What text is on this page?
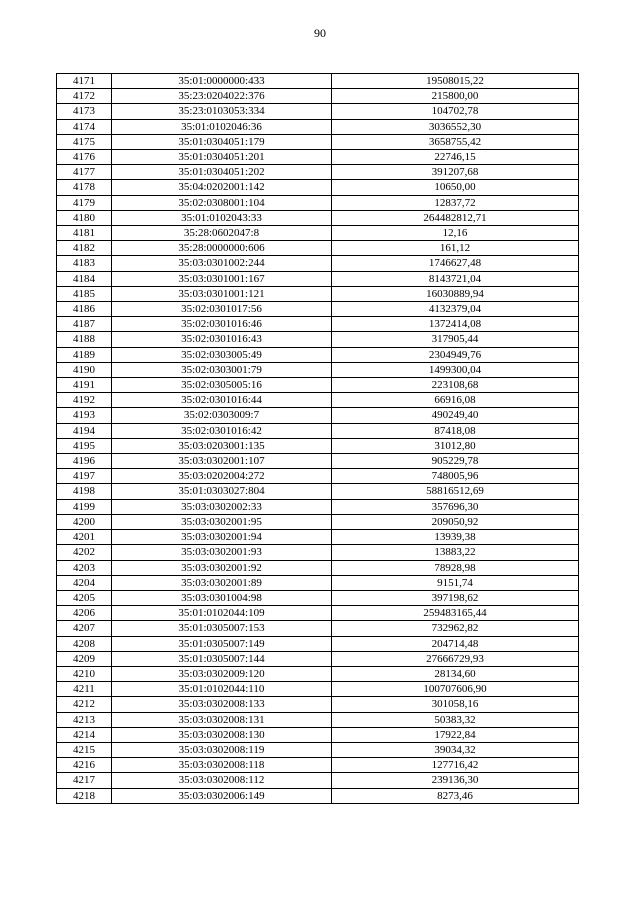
90
4171	35:01:0000000:433	19508015,22
4172	35:23:0204022:376	215800,00
4173	35:23:0103053:334	104702,78
4174	35:01:0102046:36	3036552,30
4175	35:01:0304051:179	3658755,42
4176	35:01:0304051:201	22746,15
4177	35:01:0304051:202	391207,68
4178	35:04:0202001:142	10650,00
4179	35:02:0308001:104	12837,72
4180	35:01:0102043:33	264482812,71
4181	35:28:0602047:8	12,16
4182	35:28:0000000:606	161,12
4183	35:03:0301002:244	1746627,48
4184	35:03:0301001:167	8143721,04
4185	35:03:0301001:121	16030889,94
4186	35:02:0301017:56	4132379,04
4187	35:02:0301016:46	1372414,08
4188	35:02:0301016:43	317905,44
4189	35:02:0303005:49	2304949,76
4190	35:02:0303001:79	1499300,04
4191	35:02:0305005:16	223108,68
4192	35:02:0301016:44	66916,08
4193	35:02:0303009:7	490249,40
4194	35:02:0301016:42	87418,08
4195	35:03:0203001:135	31012,80
4196	35:03:0302001:107	905229,78
4197	35:03:0202004:272	748005,96
4198	35:01:0303027:804	58816512,69
4199	35:03:0302002:33	357696,30
4200	35:03:0302001:95	209050,92
4201	35:03:0302001:94	13939,38
4202	35:03:0302001:93	13883,22
4203	35:03:0302001:92	78928,98
4204	35:03:0302001:89	9151,74
4205	35:03:0301004:98	397198,62
4206	35:01:0102044:109	259483165,44
4207	35:01:0305007:153	732962,82
4208	35:01:0305007:149	204714,48
4209	35:01:0305007:144	27666729,93
4210	35:03:0302009:120	28134,60
4211	35:01:0102044:110	100707606,90
4212	35:03:0302008:133	301058,16
4213	35:03:0302008:131	50383,32
4214	35:03:0302008:130	17922,84
4215	35:03:0302008:119	39034,32
4216	35:03:0302008:118	127716,42
4217	35:03:0302008:112	239136,30
4218	35:03:0302006:149	8273,46
